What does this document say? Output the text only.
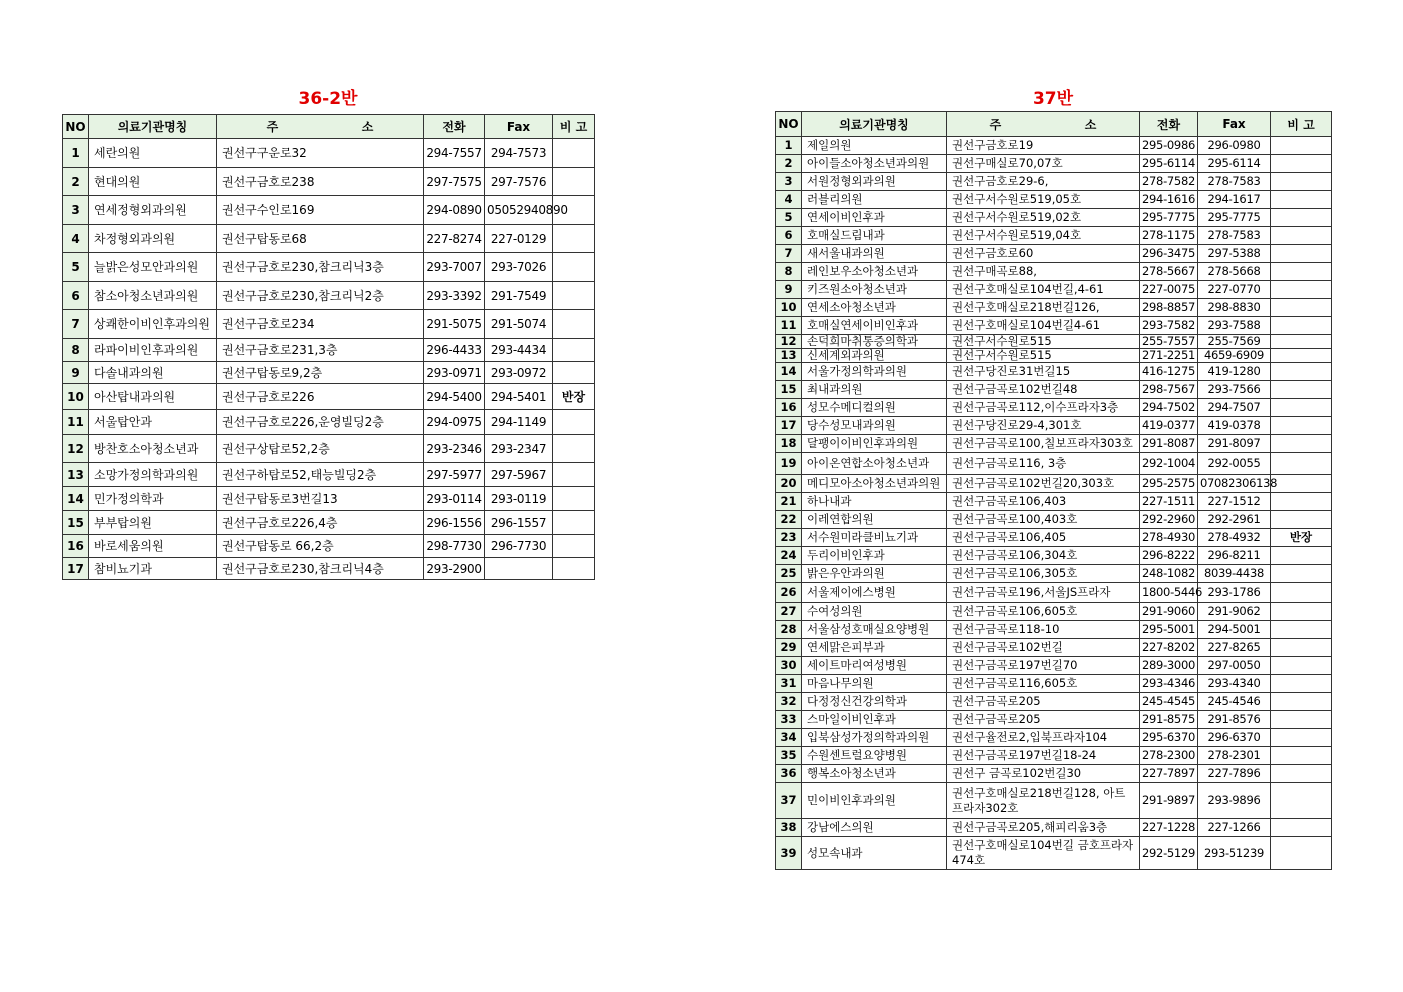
36-2반
NO	의료기관명칭	주                    소	전화	Fax	비 고
1	세란의원	권선구구운로32	294-7557	294-7573	
2	현대의원	권선구금호로238	297-7575	297-7576	
3	연세정형외과의원	권선구수인로169	294-0890	05052940890	
4	차정형외과의원	권선구탑동로68	227-8274	227-0129	
5	늘밝은성모안과의원	권선구금호로230,참크리닉3층	293-7007	293-7026	
6	참소아청소년과의원	권선구금호로230,참크리닉2층	293-3392	291-7549	
7	상쾌한이비인후과의원	권선구금호로234	291-5075	291-5074	
8	라파이비인후과의원	권선구금호로231,3층	296-4433	293-4434	
9	다솔내과의원	권선구탑동로9,2층	293-0971	293-0972	
10	아산탑내과의원	권선구금호로226	294-5400	294-5401	반장
11	서울탑안과	권선구금호로226,운영빌딩2층	294-0975	294-1149	
12	방찬호소아청소년과	권선구상탑로52,2층	293-2346	293-2347	
13	소망가정의학과의원	권선구하탑로52,태능빌딩2층	297-5977	297-5967	
14	민가정의학과	권선구탑동로3번길13	293-0114	293-0119	
15	부부탑의원	권선구금호로226,4층	296-1556	296-1557	
16	바로세움의원	권선구탑동로 66,2층	298-7730	296-7730	
17	참비뇨기과	권선구금호로230,참크리닉4층	293-2900		
37반
NO	의료기관명칭	주                    소	전화	Fax	비 고
1	제일의원	권선구금호로19	295-0986	296-0980	
2	아이들소아청소년과의원	권선구매실로70,07호	295-6114	295-6114	
3	서원정형외과의원	권선구금호로29-6,	278-7582	278-7583	
4	러블리의원	권선구서수원로519,05호	294-1616	294-1617	
5	연세이비인후과	권선구서수원로519,02호	295-7775	295-7775	
6	호매실드림내과	권선구서수원로519,04호	278-1175	278-7583	
7	새서울내과의원	권선구금호로60	296-3475	297-5388	
8	레인보우소아청소년과	권선구매곡로88,	278-5667	278-5668	
9	키즈원소아청소년과	권선구호매실로104번길,4-61	227-0075	227-0770	
10	연세소아청소년과	권선구호매실로218번길126,	298-8857	298-8830	
11	호매실연세이비인후과	권선구호매실로104번길4-61	293-7582	293-7588	
12	손덕희마취통증의학과	권선구서수원로515	255-7557	255-7569	
13	신세계외과의원	권선구서수원로515	271-2251	4659-6909	
14	서울가정의학과의원	권선구당진로31번길15	416-1275	419-1280	
15	최내과의원	권선구금곡로102번길48	298-7567	293-7566	
16	성모수메디컬의원	권선구금곡로112,이수프라자3층	294-7502	294-7507	
17	당수성모내과의원	권선구당진로29-4,301호	419-0377	419-0378	
18	달팽이이비인후과의원	권선구금곡로100,칠보프라자303호	291-8087	291-8097	
19	아이온연합소아청소년과	권선구금곡로116, 3층	292-1004	292-0055	
20	메디모아소아청소년과의원	권선구금곡로102번길20,303호	295-2575	07082306138	
21	하나내과	권선구금곡로106,403	227-1511	227-1512	
22	이레연합의원	권선구금곡로100,403호	292-2960	292-2961	
23	서수원미라클비뇨기과	권선구금곡로106,405	278-4930	278-4932	반장
24	두리이비인후과	권선구금곡로106,304호	296-8222	296-8211	
25	밝은우안과의원	권선구금곡로106,305호	248-1082	8039-4438	
26	서울제이에스병원	권선구금곡로196,서울JS프라자	1800-5446	293-1786	
27	수여성의원	권선구금곡로106,605호	291-9060	291-9062	
28	서울삼성호매실요양병원	권선구금곡로118-10	295-5001	294-5001	
29	연세맑은피부과	권선구금곡로102번길	227-8202	227-8265	
30	세이트마리여성병원	권선구금곡로197번길70	289-3000	297-0050	
31	마음나무의원	권선구금곡로116,605호	293-4346	293-4340	
32	다정정신건강의학과	권선구금곡로205	245-4545	245-4546	
33	스마일이비인후과	권선구금곡로205	291-8575	291-8576	
34	입북삼성가정의학과의원	권선구율전로2,입북프라자104	295-6370	296-6370	
35	수원센트럴요양병원	권선구금곡로197번길18-24	278-2300	278-2301	
36	행복소아청소년과	권선구 금곡로102번길30	227-7897	227-7896	
37	민이비인후과의원	권선구호매실로218번길128, 아트프라자302호	291-9897	293-9896	
38	강남에스의원	권선구금곡로205,해피리움3층	227-1228	227-1266	
39	성모속내과	권선구호매실로104번길 금호프라자474호	292-5129	293-51239	
